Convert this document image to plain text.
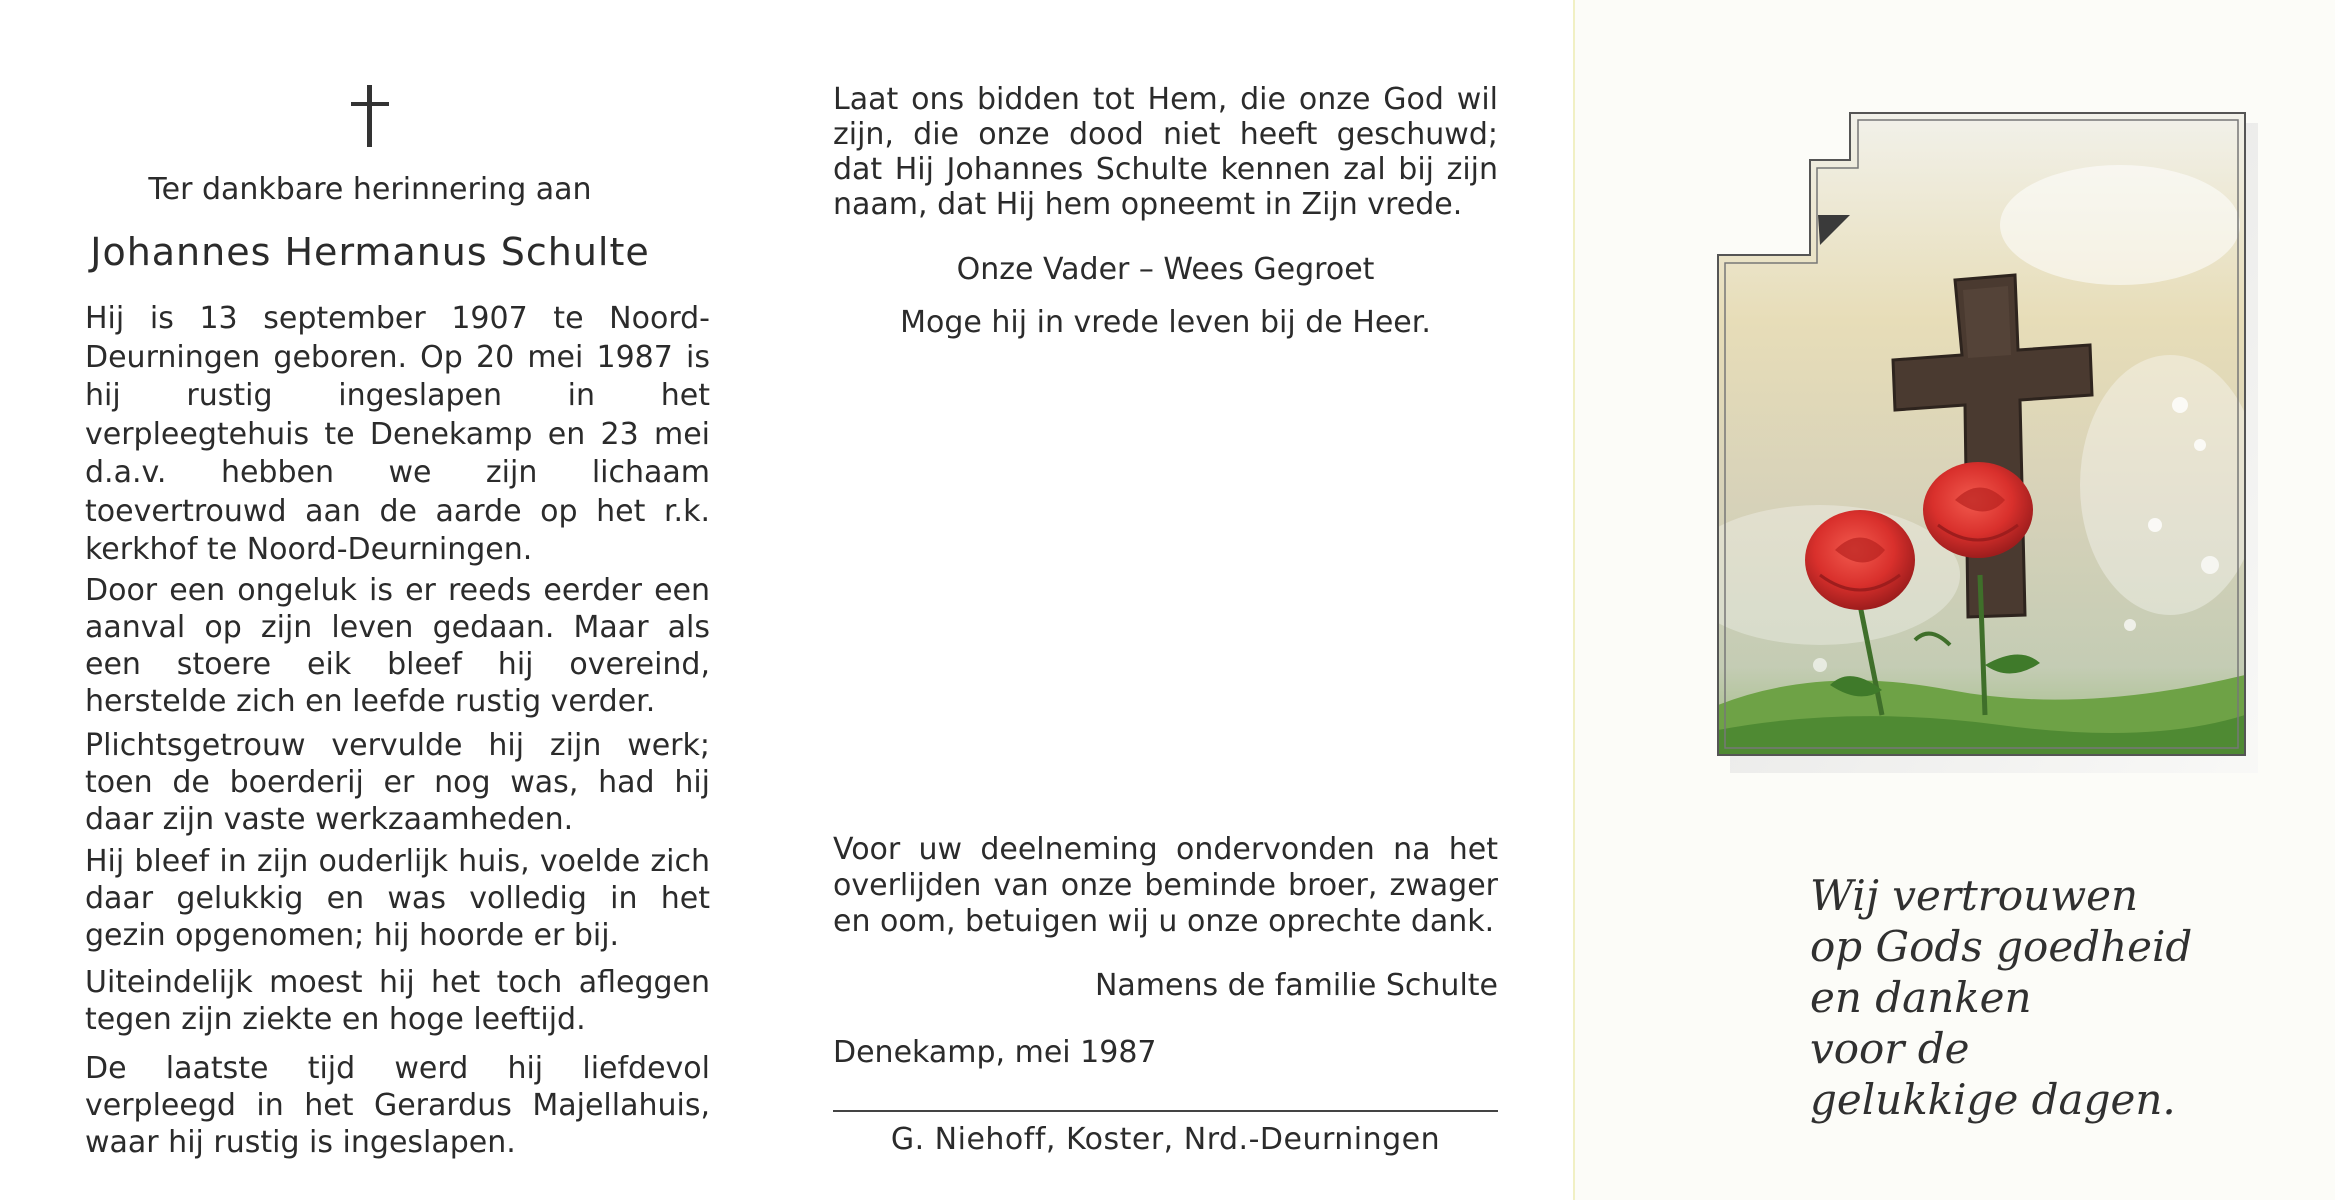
Ter dankbare herinnering aan
Johannes Hermanus Schulte

Hij is 13 september 1907 te Noord-Deurningen geboren. Op 20 mei 1987 is hij rustig ingeslapen in het verpleegtehuis te Denekamp en 23 mei d.a.v. hebben we zijn lichaam toevertrouwd aan de aarde op het r.k. kerkhof te Noord-Deurningen.

Door een ongeluk is er reeds eerder een aanval op zijn leven gedaan. Maar als een stoere eik bleef hij overeind, herstelde zich en leefde rustig verder.

Plichtsgetrouw vervulde hij zijn werk; toen de boerderij er nog was, had hij daar zijn vaste werkzaamheden.

Hij bleef in zijn ouderlijk huis, voelde zich daar gelukkig en was volledig in het gezin opgenomen; hij hoorde er bij.

Uiteindelijk moest hij het toch afleggen tegen zijn ziekte en hoge leeftijd.

De laatste tijd werd hij liefdevol verpleegd in het Gerardus Majellahuis, waar hij rustig is ingeslapen.

Laat ons bidden tot Hem, die onze God wil zijn, die onze dood niet heeft geschuwd; dat Hij Johannes Schulte kennen zal bij zijn naam, dat Hij hem opneemt in Zijn vrede.

Onze Vader – Wees Gegroet
Moge hij in vrede leven bij de Heer.

Voor uw deelneming ondervonden na het overlijden van onze beminde broer, zwager en oom, betuigen wij u onze oprechte dank.

Namens de familie Schulte
Denekamp, mei 1987
G. Niehoff, Koster, Nrd.-Deurningen
Wij vertrouwen
op Gods goedheid
en danken
voor de
gelukkige dagen.
